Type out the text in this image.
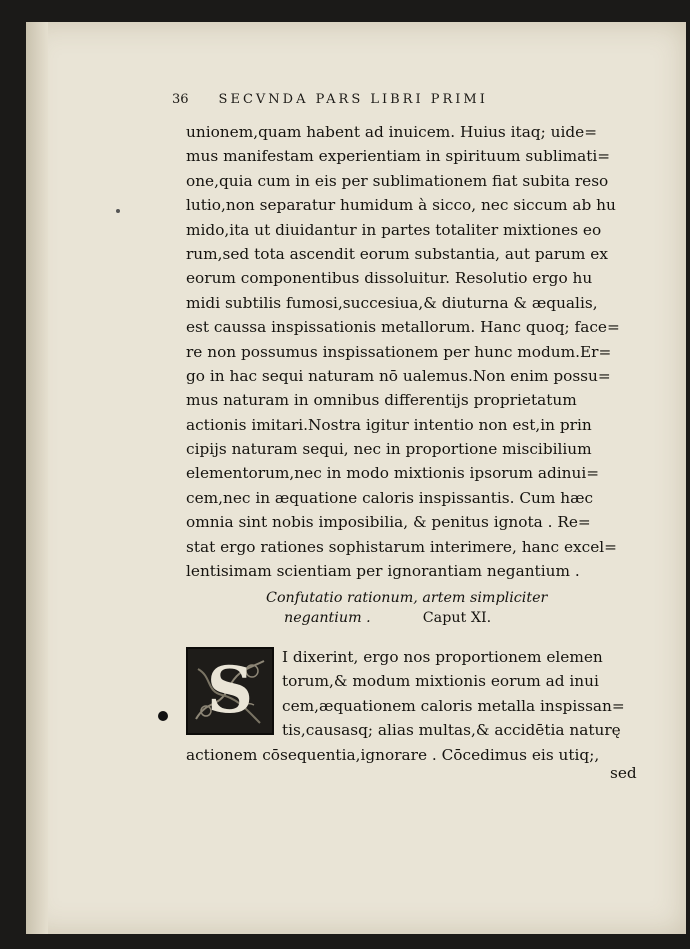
36 SECVNDA PARS LIBRI PRIMI
unionem,quam habent ad inuicem. Huius itaq; uide=
mus manifestam experientiam in spirituum sublimati=
one,quia cum in eis per sublimationem fiat subita reso
lutio,non separatur humidum à sicco, nec siccum ab hu
mido,ita ut diuidantur in partes totaliter mixtiones eo
rum,sed tota ascendit eorum substantia, aut parum ex
eorum componentibus dissoluitur. Resolutio ergo hu
midi subtilis fumosi,succesiua,& diuturna & æqualis,
est caussa inspissationis metallorum. Hanc quoq; face=
re non possumus inspissationem per hunc modum.Er=
go in hac sequi naturam nō ualemus.Non enim possu=
mus naturam in omnibus differentijs proprietatum
actionis imitari.Nostra igitur intentio non est,in prin
cipijs naturam sequi, nec in proportione miscibilium
elementorum,nec in modo mixtionis ipsorum adinui=
cem,nec in æquatione caloris inspissantis. Cum hæc
omnia sint nobis imposibilia, & penitus ignota . Re=
stat ergo rationes sophistarum interimere, hanc excel=
lentisimam scientiam per ignorantiam negantium .
Confutatio rationum, artem simpliciter
negantium .	Caput XI.
I dixerint, ergo nos proportionem elemen
torum,& modum mixtionis eorum ad inui
cem,æquationem caloris metalla inspissan=
tis,causasq; alias multas,& accidētia naturę
actionem cōsequentia,ignorare . Cōcedimus eis utiq;,
S
sed
